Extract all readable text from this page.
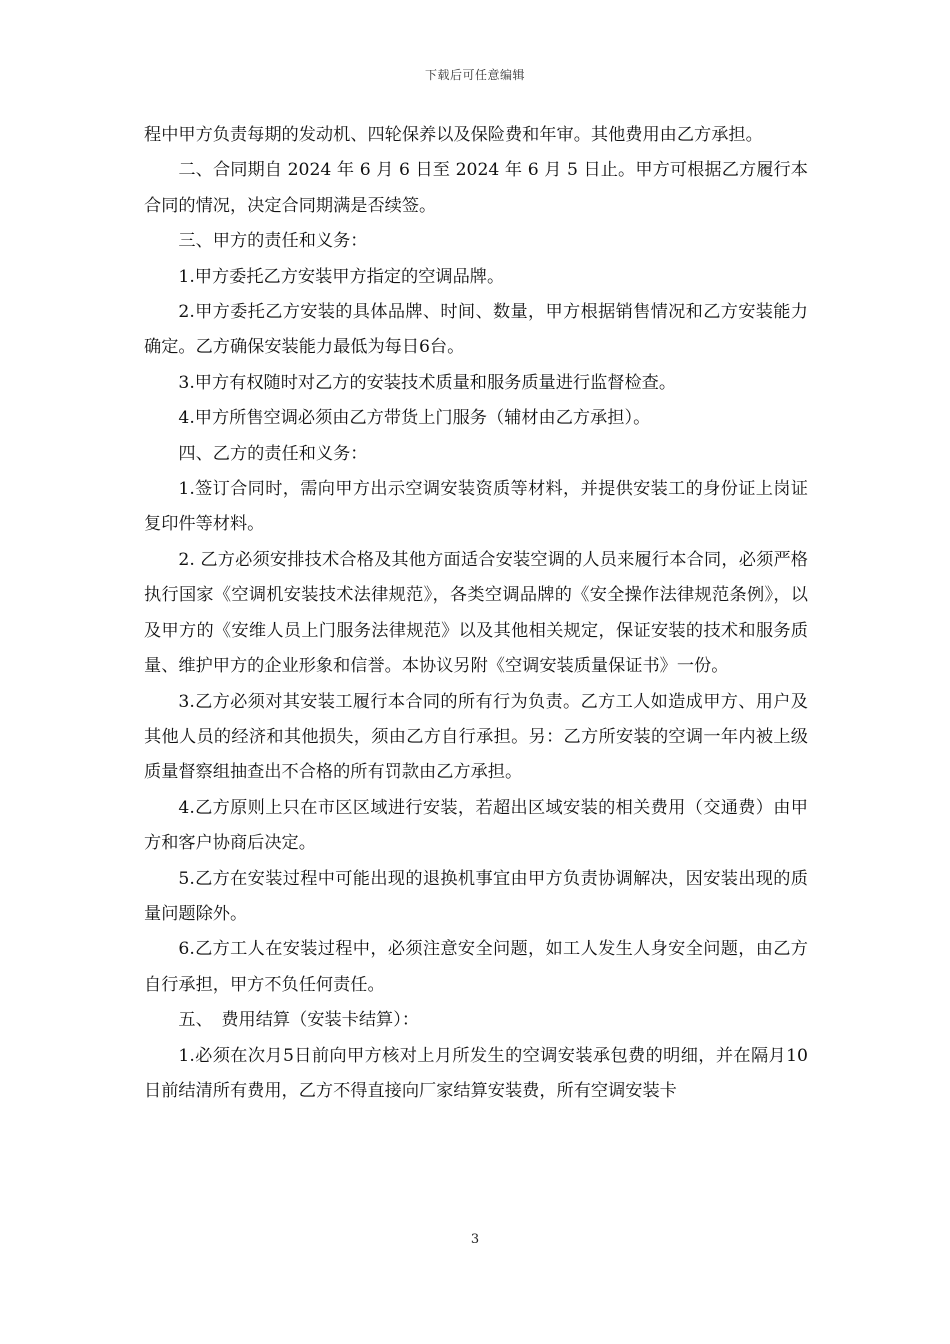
下载后可任意编辑

程中甲方负责每期的发动机、四轮保养以及保险费和年审。其他费用由乙方承担。

二、合同期自 2024 年 6 月 6 日至 2024 年 6 月 5 日止。甲方可根据乙方履行本合同的情况，决定合同期满是否续签。

三、甲方的责任和义务：

1.甲方委托乙方安装甲方指定的空调品牌。

2.甲方委托乙方安装的具体品牌、时间、数量，甲方根据销售情况和乙方安装能力确定。乙方确保安装能力最低为每日6台。

3.甲方有权随时对乙方的安装技术质量和服务质量进行监督检查。

4.甲方所售空调必须由乙方带货上门服务（辅材由乙方承担）。

四、乙方的责任和义务：

1.签订合同时，需向甲方出示空调安装资质等材料，并提供安装工的身份证上岗证复印件等材料。

2. 乙方必须安排技术合格及其他方面适合安装空调的人员来履行本合同，必须严格执行国家《空调机安装技术法律规范》，各类空调品牌的《安全操作法律规范条例》，以及甲方的《安维人员上门服务法律规范》以及其他相关规定，保证安装的技术和服务质量、维护甲方的企业形象和信誉。本协议另附《空调安装质量保证书》一份。

3.乙方必须对其安装工履行本合同的所有行为负责。乙方工人如造成甲方、用户及其他人员的经济和其他损失，须由乙方自行承担。另：乙方所安装的空调一年内被上级质量督察组抽查出不合格的所有罚款由乙方承担。

4.乙方原则上只在市区区域进行安装，若超出区域安装的相关费用（交通费）由甲方和客户协商后决定。

5.乙方在安装过程中可能出现的退换机事宜由甲方负责协调解决，因安装出现的质量问题除外。

6.乙方工人在安装过程中，必须注意安全问题，如工人发生人身安全问题，由乙方自行承担，甲方不负任何责任。

五、　费用结算（安装卡结算）：

1.必须在次月5日前向甲方核对上月所发生的空调安装承包费的明细，并在隔月10日前结清所有费用，乙方不得直接向厂家结算安装费，所有空调安装卡

3
